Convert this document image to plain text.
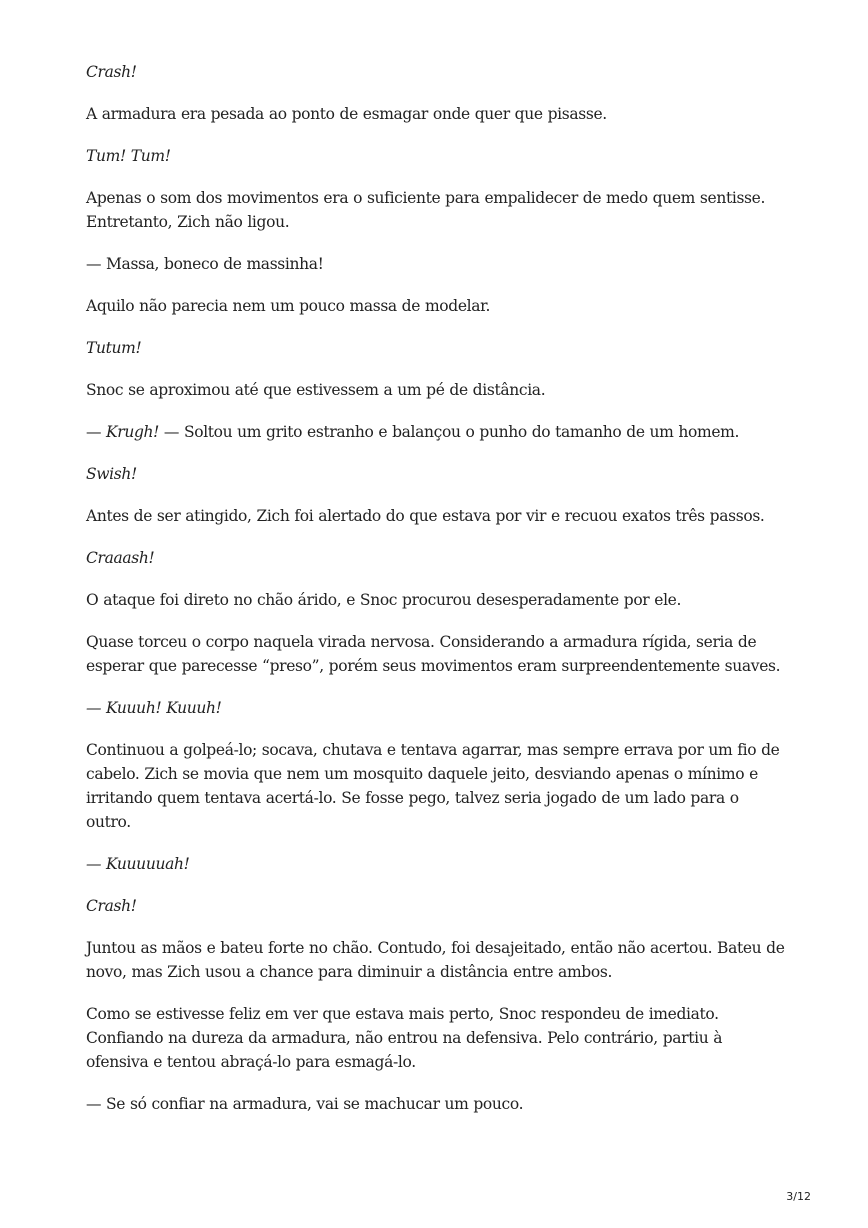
Crash!

A armadura era pesada ao ponto de esmagar onde quer que pisasse.

Tum! Tum!

Apenas o som dos movimentos era o suficiente para empalidecer de medo quem sentisse. Entretanto, Zich não ligou.

— Massa, boneco de massinha!

Aquilo não parecia nem um pouco massa de modelar.

Tutum!

Snoc se aproximou até que estivessem a um pé de distância.

— Krugh! — Soltou um grito estranho e balançou o punho do tamanho de um homem.

Swish!

Antes de ser atingido, Zich foi alertado do que estava por vir e recuou exatos três passos.

Craaash!

O ataque foi direto no chão árido, e Snoc procurou desesperadamente por ele.

Quase torceu o corpo naquela virada nervosa. Considerando a armadura rígida, seria de esperar que parecesse “preso”, porém seus movimentos eram surpreendentemente suaves.

— Kuuuh! Kuuuh!

Continuou a golpeá-lo; socava, chutava e tentava agarrar, mas sempre errava por um fio de cabelo. Zich se movia que nem um mosquito daquele jeito, desviando apenas o mínimo e irritando quem tentava acertá-lo. Se fosse pego, talvez seria jogado de um lado para o outro.

— Kuuuuuah!

Crash!

Juntou as mãos e bateu forte no chão. Contudo, foi desajeitado, então não acertou. Bateu de novo, mas Zich usou a chance para diminuir a distância entre ambos.

Como se estivesse feliz em ver que estava mais perto, Snoc respondeu de imediato. Confiando na dureza da armadura, não entrou na defensiva. Pelo contrário, partiu à ofensiva e tentou abraçá-lo para esmagá-lo.

— Se só confiar na armadura, vai se machucar um pouco.

3/12
